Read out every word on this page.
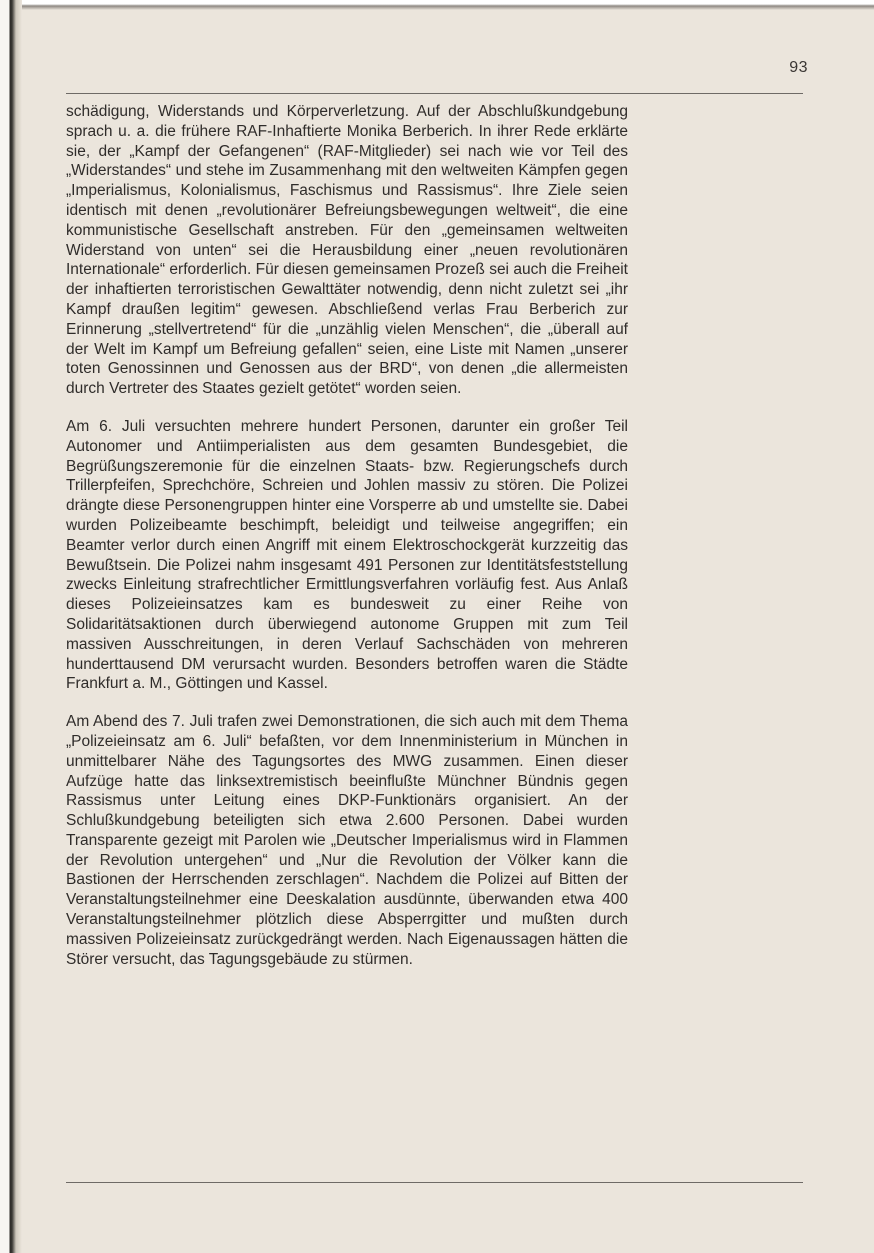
93

schädigung, Widerstands und Körperverletzung. Auf der Abschlußkundgebung sprach u. a. die frühere RAF-Inhaftierte Monika Berberich. In ihrer Rede erklärte sie, der „Kampf der Gefangenen“ (RAF-Mitglieder) sei nach wie vor Teil des „Widerstandes“ und stehe im Zusammenhang mit den weltweiten Kämpfen gegen „Imperialismus, Kolonialismus, Faschismus und Rassismus“. Ihre Ziele seien identisch mit denen „revolutionärer Befreiungsbewegungen weltweit“, die eine kommunistische Gesellschaft anstreben. Für den „gemeinsamen weltweiten Widerstand von unten“ sei die Herausbildung einer „neuen revolutionären Internationale“ erforderlich. Für diesen gemeinsamen Prozeß sei auch die Freiheit der inhaftierten terroristischen Gewalttäter notwendig, denn nicht zuletzt sei „ihr Kampf draußen legitim“ gewesen. Abschließend verlas Frau Berberich zur Erinnerung „stellvertretend“ für die „unzählig vielen Menschen“, die „überall auf der Welt im Kampf um Befreiung gefallen“ seien, eine Liste mit Namen „unserer toten Genossinnen und Genossen aus der BRD“, von denen „die allermeisten durch Vertreter des Staates gezielt getötet“ worden seien.

Am 6. Juli versuchten mehrere hundert Personen, darunter ein großer Teil Autonomer und Antiimperialisten aus dem gesamten Bundesgebiet, die Begrüßungszeremonie für die einzelnen Staats- bzw. Regierungschefs durch Trillerpfeifen, Sprechchöre, Schreien und Johlen massiv zu stören. Die Polizei drängte diese Personengruppen hinter eine Vorsperre ab und umstellte sie. Dabei wurden Polizeibeamte beschimpft, beleidigt und teilweise angegriffen; ein Beamter verlor durch einen Angriff mit einem Elektroschockgerät kurzzeitig das Bewußtsein. Die Polizei nahm insgesamt 491 Personen zur Identitätsfeststellung zwecks Einleitung strafrechtlicher Ermittlungsverfahren vorläufig fest. Aus Anlaß dieses Polizeieinsatzes kam es bundesweit zu einer Reihe von Solidaritätsaktionen durch überwiegend autonome Gruppen mit zum Teil massiven Ausschreitungen, in deren Verlauf Sachschäden von mehreren hunderttausend DM verursacht wurden. Besonders betroffen waren die Städte Frankfurt a. M., Göttingen und Kassel.

Am Abend des 7. Juli trafen zwei Demonstrationen, die sich auch mit dem Thema „Polizeieinsatz am 6. Juli“ befaßten, vor dem Innenministerium in München in unmittelbarer Nähe des Tagungsortes des MWG zusammen. Einen dieser Aufzüge hatte das linksextremistisch beeinflußte Münchner Bündnis gegen Rassismus unter Leitung eines DKP-Funktionärs organisiert. An der Schlußkundgebung beteiligten sich etwa 2.600 Personen. Dabei wurden Transparente gezeigt mit Parolen wie „Deutscher Imperialismus wird in Flammen der Revolution untergehen“ und „Nur die Revolution der Völker kann die Bastionen der Herrschenden zerschlagen“. Nachdem die Polizei auf Bitten der Veranstaltungsteilnehmer eine Deeskalation ausdünnte, überwanden etwa 400 Veranstaltungsteilnehmer plötzlich diese Absperrgitter und mußten durch massiven Polizeieinsatz zurückgedrängt werden. Nach Eigenaussagen hätten die Störer versucht, das Tagungsgebäude zu stürmen.
